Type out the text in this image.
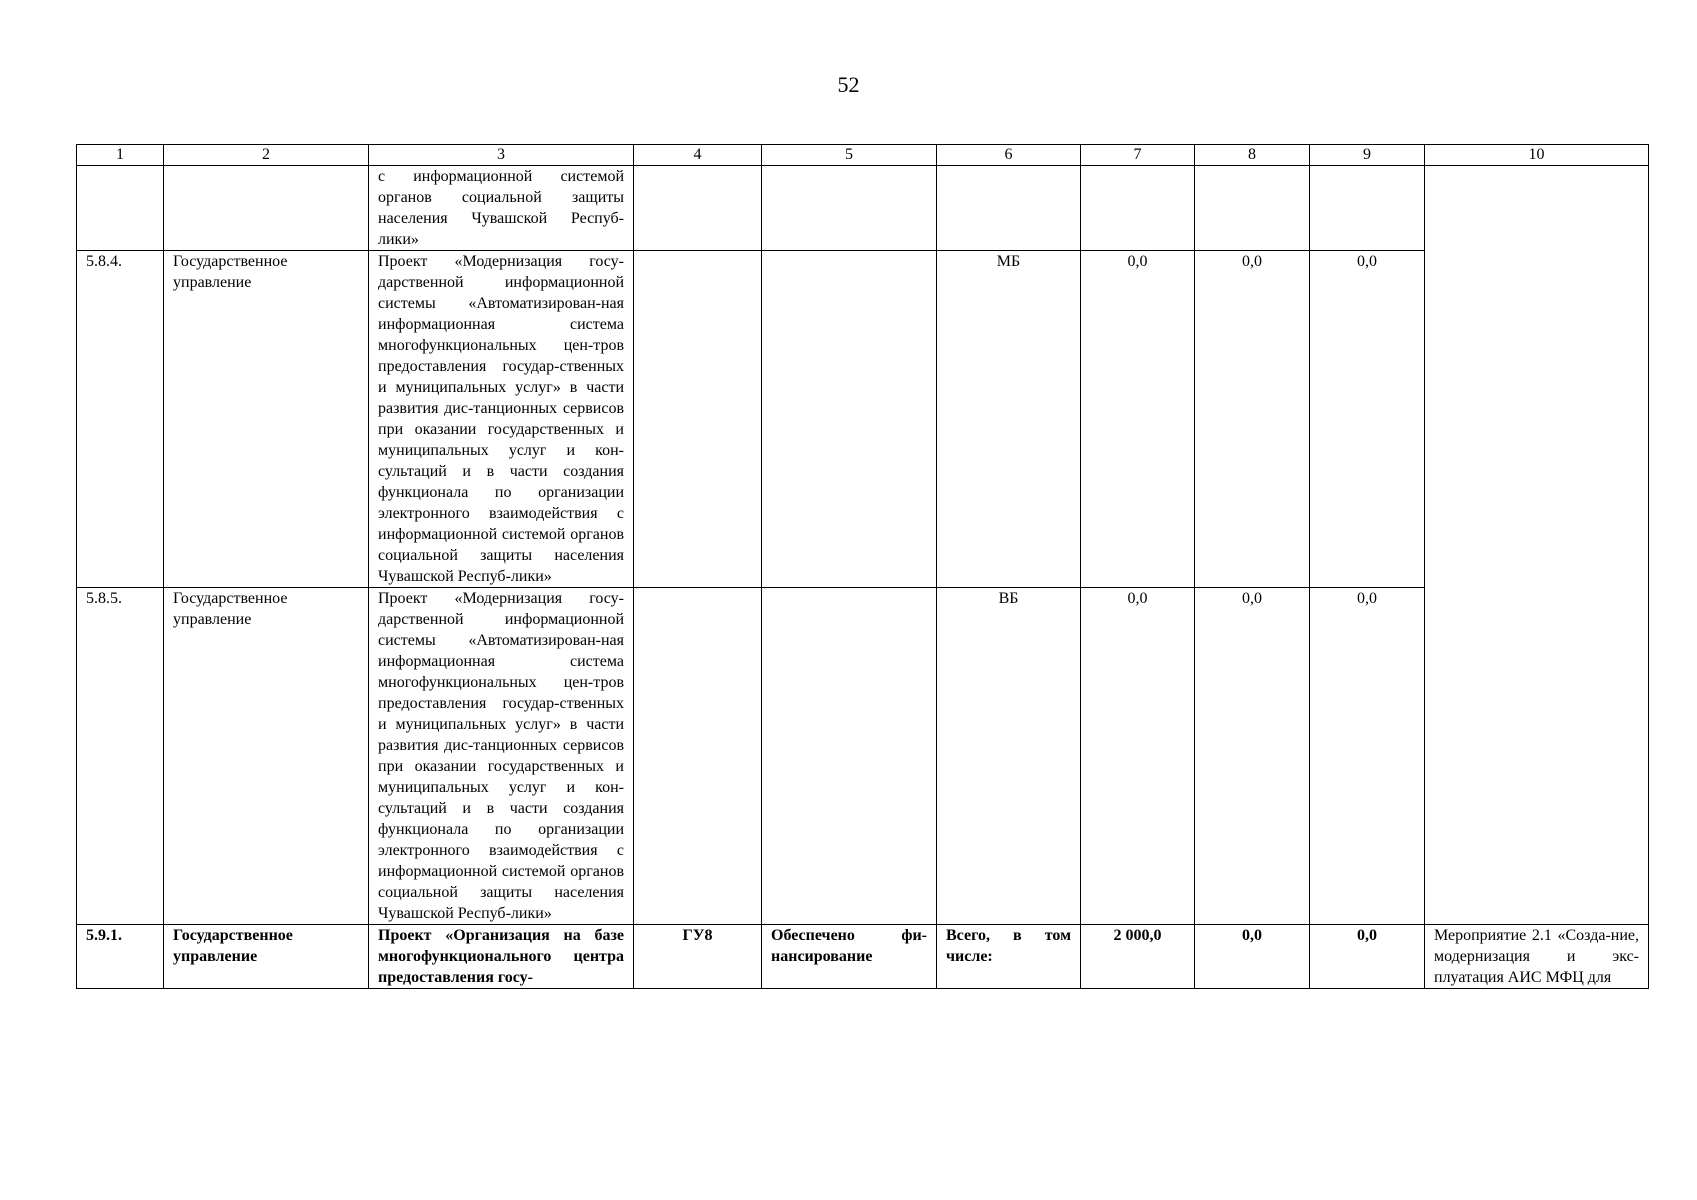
52
1	2	3	4	5	6	7	8	9	10
		с информационной системой органов социальной защиты населения Чувашской Респуб-лики»							
5.8.4.	Государственное управление	Проект «Модернизация госу-дарственной информационной системы «Автоматизирован-ная информационная система многофункциональных цен-тров предоставления государ-ственных и муниципальных услуг» в части развития дис-танционных сервисов при оказании государственных и муниципальных услуг и кон-сультаций и в части создания функционала по организации электронного взаимодействия с информационной системой органов социальной защиты населения Чувашской Респуб-лики»			МБ	0,0	0,0	0,0	
5.8.5.	Государственное управление	Проект «Модернизация госу-дарственной информационной системы «Автоматизирован-ная информационная система многофункциональных цен-тров предоставления государ-ственных и муниципальных услуг» в части развития дис-танционных сервисов при оказании государственных и муниципальных услуг и кон-сультаций и в части создания функционала по организации электронного взаимодействия с информационной системой органов социальной защиты населения Чувашской Респуб-лики»			ВБ	0,0	0,0	0,0	
5.9.1.	Государственное управление	Проект «Организация на базе многофункционального центра предоставления госу-	ГУ8	Обеспечено фи-нансирование	Всего, в том числе:	2 000,0	0,0	0,0	Мероприятие 2.1 «Созда-ние, модернизация и экс-плуатация АИС МФЦ для
